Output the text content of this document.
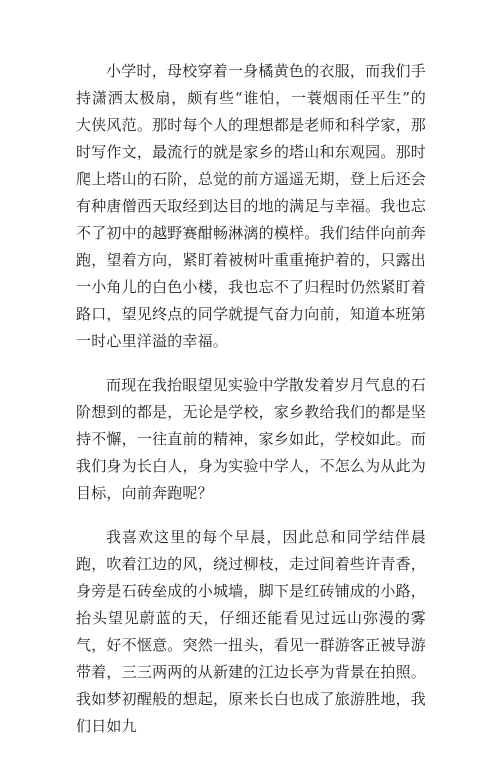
小学时，母校穿着一身橘黄色的衣服，而我们手持潇洒太极扇，颇有些“谁怕，一蓑烟雨任平生”的大侠风范。那时每个人的理想都是老师和科学家，那时写作文，最流行的就是家乡的塔山和东观园。那时爬上塔山的石阶，总觉的前方遥遥无期，登上后还会有种唐僧西天取经到达目的地的满足与幸福。我也忘不了初中的越野赛酣畅淋漓的模样。我们结伴向前奔跑，望着方向，紧盯着被树叶重重掩护着的，只露出一小角儿的白色小楼，我也忘不了归程时仍然紧盯着路口，望见终点的同学就提气奋力向前，知道本班第一时心里洋溢的幸福。

而现在我抬眼望见实验中学散发着岁月气息的石阶想到的都是，无论是学校，家乡教给我们的都是坚持不懈，一往直前的精神，家乡如此，学校如此。而我们身为长白人，身为实验中学人，不怎么为从此为目标，向前奔跑呢？

我喜欢这里的每个早晨，因此总和同学结伴晨跑，吹着江边的风，绕过柳枝，走过间着些许青香，身旁是石砖垒成的小城墙，脚下是红砖铺成的小路，抬头望见蔚蓝的天，仔细还能看见过远山弥漫的雾气，好不惬意。突然一扭头，看见一群游客正被导游带着，三三两两的从新建的江边长亭为背景在拍照。我如梦初醒般的想起，原来长白也成了旅游胜地，我们日如九
